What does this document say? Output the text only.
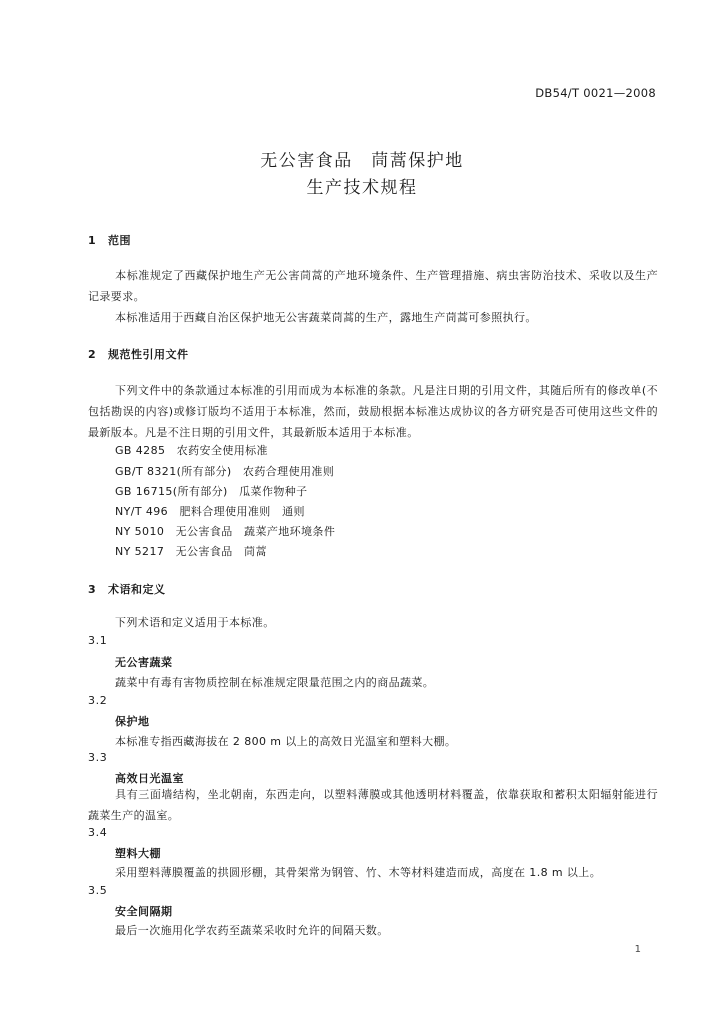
DB54/T 0021—2008
无公害食品　茼蒿保护地
生产技术规程
1 范围
本标准规定了西藏保护地生产无公害茼蒿的产地环境条件、生产管理措施、病虫害防治技术、采收以及生产记录要求。
本标准适用于西藏自治区保护地无公害蔬菜茼蒿的生产，露地生产茼蒿可参照执行。
2 规范性引用文件
下列文件中的条款通过本标准的引用而成为本标准的条款。凡是注日期的引用文件，其随后所有的修改单(不包括勘误的内容)或修订版均不适用于本标准，然而，鼓励根据本标准达成协议的各方研究是否可使用这些文件的最新版本。凡是不注日期的引用文件，其最新版本适用于本标准。
GB 4285　农药安全使用标准
GB/T 8321(所有部分)　农药合理使用准则
GB 16715(所有部分)　瓜菜作物种子
NY/T 496　肥料合理使用准则　通则
NY 5010　无公害食品　蔬菜产地环境条件
NY 5217　无公害食品　茼蒿
3 术语和定义
下列术语和定义适用于本标准。
3.1
无公害蔬菜
蔬菜中有毒有害物质控制在标准规定限量范围之内的商品蔬菜。
3.2
保护地
本标准专指西藏海拔在 2 800 m 以上的高效日光温室和塑料大棚。
3.3
高效日光温室
具有三面墙结构，坐北朝南，东西走向，以塑料薄膜或其他透明材料覆盖，依靠获取和蓄积太阳辐射能进行蔬菜生产的温室。
3.4
塑料大棚
采用塑料薄膜覆盖的拱圆形棚，其骨架常为钢管、竹、木等材料建造而成，高度在 1.8 m 以上。
3.5
安全间隔期
最后一次施用化学农药至蔬菜采收时允许的间隔天数。
1
